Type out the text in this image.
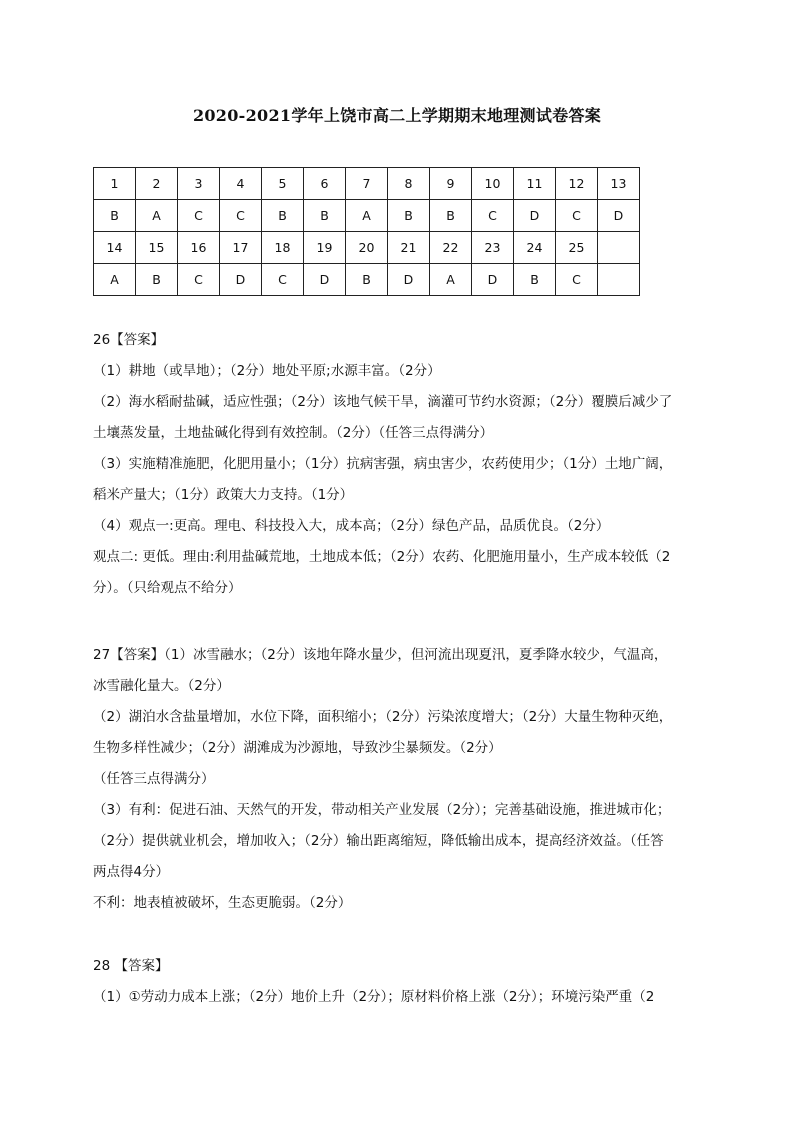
2020-2021学年上饶市高二上学期期末地理测试卷答案
1	2	3	4	5	6	7	8	9	10	11	12	13
B	A	C	C	B	B	A	B	B	C	D	C	D
14	15	16	17	18	19	20	21	22	23	24	25	
A	B	C	D	C	D	B	D	A	D	B	C	
26【答案】
（1）耕地（或旱地）；（2分）地处平原;水源丰富。（2分）
（2）海水稻耐盐碱，适应性强；（2分）该地气候干旱，滴灌可节约水资源；（2分）覆膜后减少了
土壤蒸发量，土地盐碱化得到有效控制。（2分）（任答三点得满分）
（3）实施精准施肥，化肥用量小；（1分）抗病害强，病虫害少，农药使用少；（1分）土地广阔，
稻米产量大；（1分）政策大力支持。（1分）
（4）观点一:更高。理电、科技投入大，成本高；（2分）绿色产品，品质优良。（2分）
观点二: 更低。理由:利用盐碱荒地，土地成本低；（2分）农药、化肥施用量小，生产成本较低（2
分）。（只给观点不给分）
27【答案】（1）冰雪融水；（2分）该地年降水量少，但河流出现夏汛，夏季降水较少，气温高，
冰雪融化量大。（2分）
（2）湖泊水含盐量增加，水位下降，面积缩小；（2分）污染浓度增大；（2分）大量生物种灭绝，
生物多样性减少；（2分）湖滩成为沙源地，导致沙尘暴频发。（2分）
（任答三点得满分）
（3）有利：促进石油、天然气的开发，带动相关产业发展（2分）；完善基础设施，推进城市化；
（2分）提供就业机会，增加收入；（2分）输出距离缩短，降低输出成本，提高经济效益。（任答
两点得4分）
不利：地表植被破坏，生态更脆弱。（2分）
28 【答案】
（1）①劳动力成本上涨；（2分）地价上升（2分）；原材料价格上涨（2分）；环境污染严重（2
